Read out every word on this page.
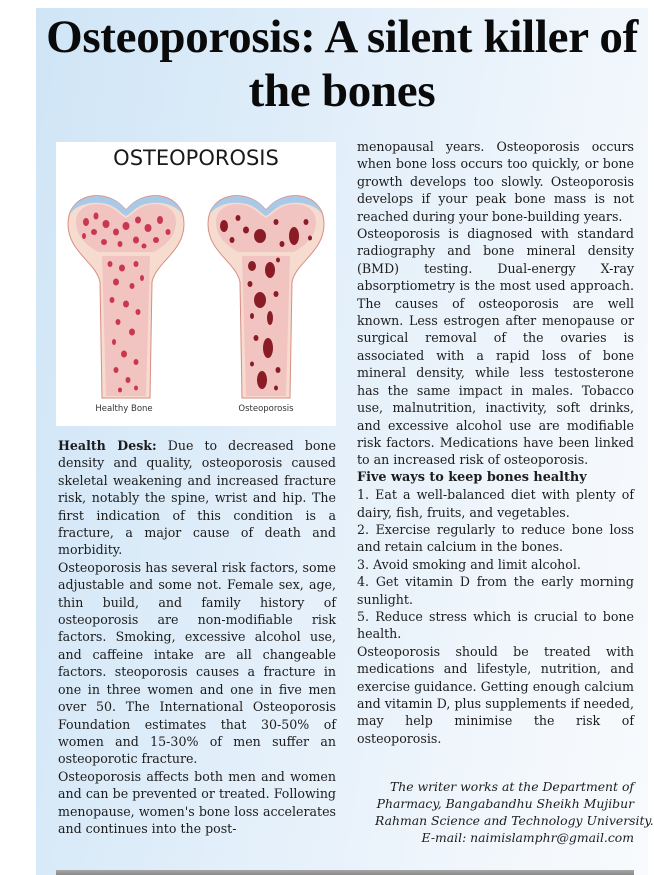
Osteoporosis: A silent killer of the bones
OSTEOPOROSIS
Healthy Bone	Osteoporosis

Health Desk: Due to decreased bone density and quality, osteoporosis caused skeletal weakening and increased fracture risk, notably the spine, wrist and hip. The first indication of this condition is a fracture, a major cause of death and morbidity.

Osteoporosis has several risk factors, some adjustable and some not. Female sex, age, thin build, and family history of osteoporosis are non-modifiable risk factors. Smoking, excessive alcohol use, and caffeine intake are all changeable factors. steoporosis causes a fracture in one in three women and one in five men over 50. The International Osteoporosis Foundation estimates that 30-50% of women and 15-30% of men suffer an osteoporotic fracture.

Osteoporosis affects both men and women and can be prevented or treated. Following menopause, women's bone loss accelerates and continues into the post-

menopausal years. Osteoporosis occurs when bone loss occurs too quickly, or bone growth develops too slowly. Osteoporosis develops if your peak bone mass is not reached during your bone-building years.

Osteoporosis is diagnosed with standard radiography and bone mineral density (BMD) testing. Dual-energy X-ray absorptiometry is the most used approach. The causes of osteoporosis are well known. Less estrogen after menopause or surgical removal of the ovaries is associated with a rapid loss of bone mineral density, while less testosterone has the same impact in males. Tobacco use, malnutrition, inactivity, soft drinks, and excessive alcohol use are modifiable risk factors. Medications have been linked to an increased risk of osteoporosis.

Five ways to keep bones healthy

1. Eat a well-balanced diet with plenty of dairy, fish, fruits, and vegetables.

2. Exercise regularly to reduce bone loss and retain calcium in the bones.

3. Avoid smoking and limit alcohol.

4. Get vitamin D from the early morning sunlight.

5. Reduce stress which is crucial to bone health.

Osteoporosis should be treated with medications and lifestyle, nutrition, and exercise guidance. Getting enough calcium and vitamin D, plus supplements if needed, may help minimise the risk of osteoporosis.

The writer works at the Department of

Pharmacy, Bangabandhu Sheikh Mujibur

Rahman Science and Technology University.

E-mail: naimislamphr@gmail.com
